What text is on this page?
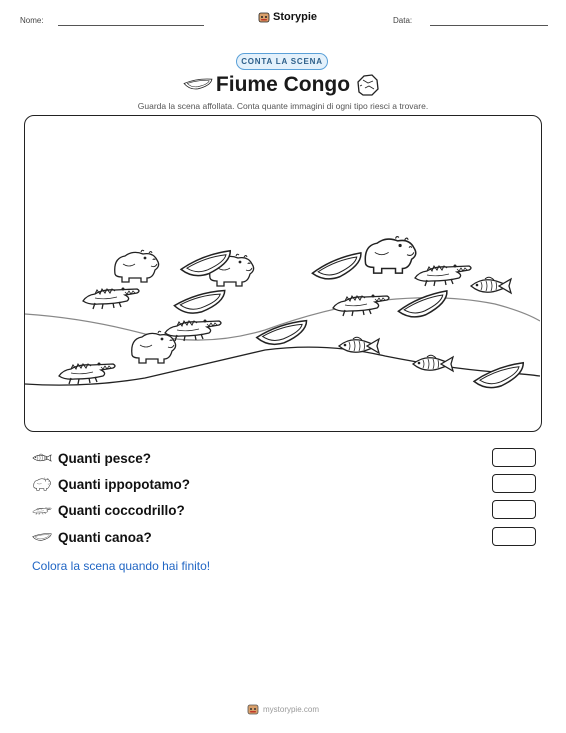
Nome:	Storypie	Data:
CONTA LA SCENA
Fiume Congo
Guarda la scena affollata. Conta quante immagini di ogni tipo riesci a trovare.
Quanti pesce?
Quanti ippopotamo?
Quanti coccodrillo?
Quanti canoa?
Colora la scena quando hai finito!
mystorypie.com
